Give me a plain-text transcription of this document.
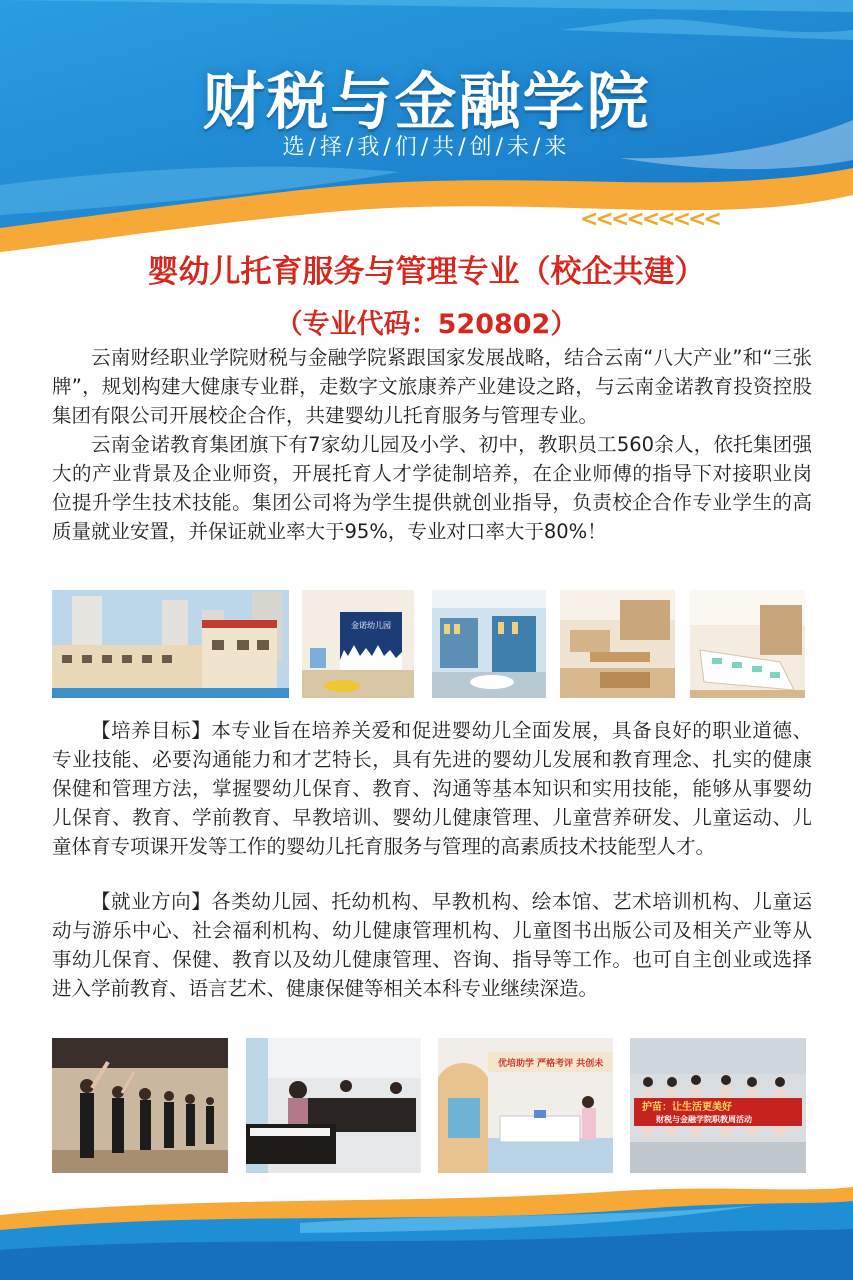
财税与金融学院
选/择/我/们/共/创/未/来
<<<<<<<<<
婴幼儿托育服务与管理专业（校企共建）
（专业代码：520802）

云南财经职业学院财税与金融学院紧跟国家发展战略，结合云南“八大产业”和“三张牌”，规划构建大健康专业群，走数字文旅康养产业建设之路，与云南金诺教育投资控股集团有限公司开展校企合作，共建婴幼儿托育服务与管理专业。

云南金诺教育集团旗下有7家幼儿园及小学、初中，教职员工560余人，依托集团强大的产业背景及企业师资，开展托育人才学徒制培养，在企业师傅的指导下对接职业岗位提升学生技术技能。集团公司将为学生提供就创业指导，负责校企合作专业学生的高质量就业安置，并保证就业率大于95%，专业对口率大于80%！

金诺幼儿园

【培养目标】本专业旨在培养关爱和促进婴幼儿全面发展，具备良好的职业道德、专业技能、必要沟通能力和才艺特长，具有先进的婴幼儿发展和教育理念、扎实的健康保健和管理方法，掌握婴幼儿保育、教育、沟通等基本知识和实用技能，能够从事婴幼儿保育、教育、学前教育、早教培训、婴幼儿健康管理、儿童营养研发、儿童运动、儿童体育专项课开发等工作的婴幼儿托育服务与管理的高素质技术技能型人才。

【就业方向】各类幼儿园、托幼机构、早教机构、绘本馆、艺术培训机构、儿童运动与游乐中心、社会福利机构、幼儿健康管理机构、儿童图书出版公司及相关产业等从事幼儿保育、保健、教育以及幼儿健康管理、咨询、指导等工作。也可自主创业或选择进入学前教育、语言艺术、健康保健等相关本科专业继续深造。

优培助学 严格考评 共创未
护苗：让生活更美好
财税与金融学院职教周活动
